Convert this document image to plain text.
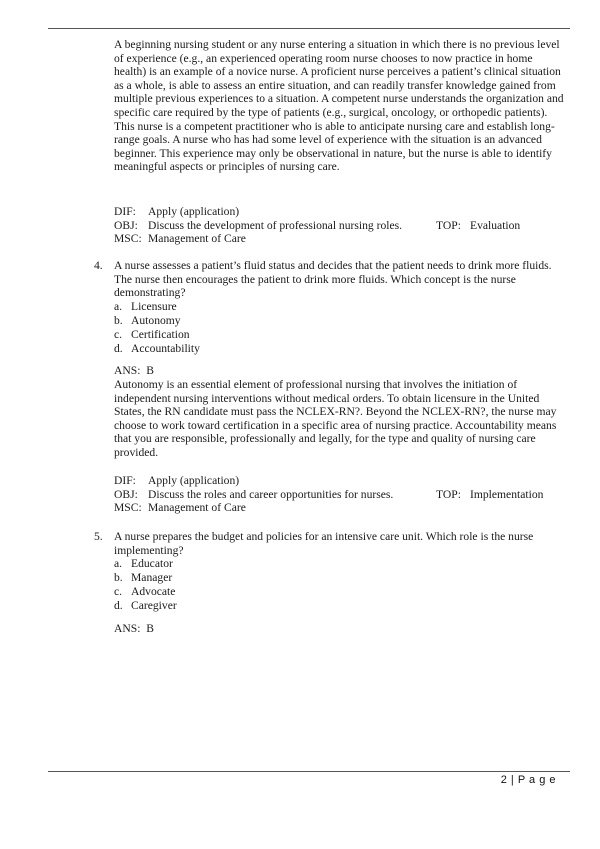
A beginning nursing student or any nurse entering a situation in which there is no previous level of experience (e.g., an experienced operating room nurse chooses to now practice in home health) is an example of a novice nurse. A proficient nurse perceives a patient’s clinical situation as a whole, is able to assess an entire situation, and can readily transfer knowledge gained from multiple previous experiences to a situation. A competent nurse understands the organization and specific care required by the type of patients (e.g., surgical, oncology, or orthopedic patients). This nurse is a competent practitioner who is able to anticipate nursing care and establish long-range goals. A nurse who has had some level of experience with the situation is an advanced beginner. This experience may only be observational in nature, but the nurse is able to identify meaningful aspects or principles of nursing care.

DIF: Apply (application)
OBJ: Discuss the development of professional nursing roles.	TOP: Evaluation
MSC: Management of Care
4. A nurse assesses a patient’s fluid status and decides that the patient needs to drink more fluids. The nurse then encourages the patient to drink more fluids. Which concept is the nurse demonstrating?

a. Licensure
b. Autonomy
c. Certification
d. Accountability
ANS: B

Autonomy is an essential element of professional nursing that involves the initiation of independent nursing interventions without medical orders. To obtain licensure in the United States, the RN candidate must pass the NCLEX-RN?. Beyond the NCLEX-RN?, the nurse may choose to work toward certification in a specific area of nursing practice. Accountability means that you are responsible, professionally and legally, for the type and quality of nursing care provided.

DIF: Apply (application)
OBJ: Discuss the roles and career opportunities for nurses.	TOP: Implementation
MSC: Management of Care
5. A nurse prepares the budget and policies for an intensive care unit. Which role is the nurse implementing?

a. Educator
b. Manager
c. Advocate
d. Caregiver
ANS: B
2 | P a g e
